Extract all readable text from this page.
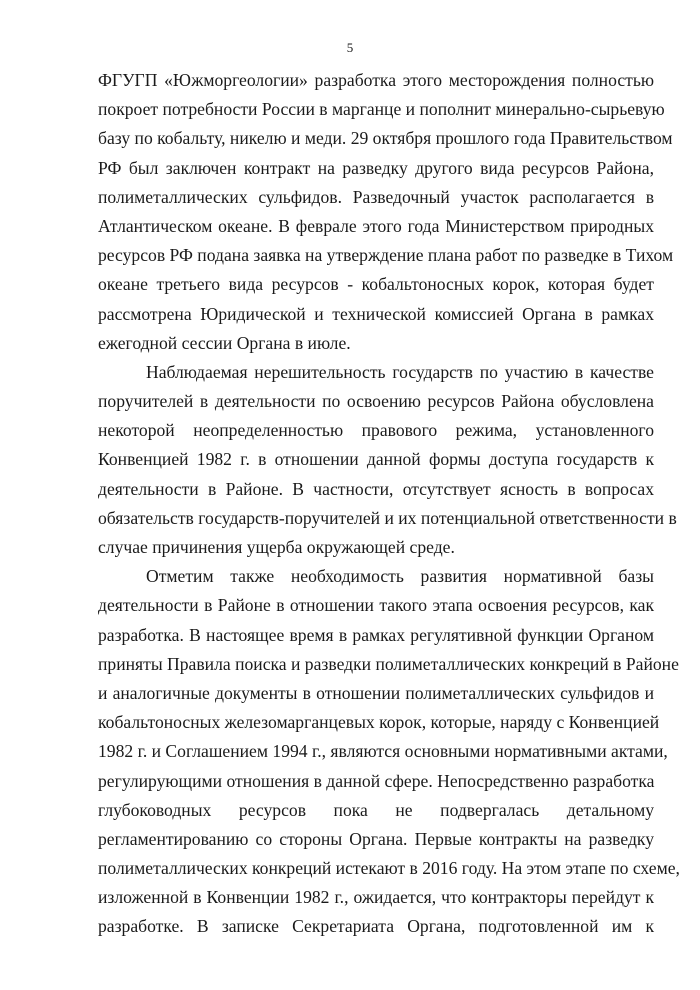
5
ФГУГП «Южморгеологии» разработка этого месторождения полностью
покроет потребности России в марганце и пополнит минерально-сырьевую
базу по кобальту, никелю и меди. 29 октября прошлого года Правительством
РФ был заключен контракт на разведку другого вида ресурсов Района,
полиметаллических сульфидов. Разведочный участок располагается в
Атлантическом океане. В феврале этого года Министерством природных
ресурсов РФ подана заявка на утверждение плана работ по разведке в Тихом
океане третьего вида ресурсов - кобальтоносных корок, которая будет
рассмотрена Юридической и технической комиссией Органа в рамках
ежегодной сессии Органа в июле.
Наблюдаемая нерешительность государств по участию в качестве
поручителей в деятельности по освоению ресурсов Района обусловлена
некоторой неопределенностью правового режима, установленного
Конвенцией 1982 г. в отношении данной формы доступа государств к
деятельности в Районе. В частности, отсутствует ясность в вопросах
обязательств государств-поручителей и их потенциальной ответственности в
случае причинения ущерба окружающей среде.
Отметим также необходимость развития нормативной базы
деятельности в Районе в отношении такого этапа освоения ресурсов, как
разработка. В настоящее время в рамках регулятивной функции Органом
приняты Правила поиска и разведки полиметаллических конкреций в Районе
и аналогичные документы в отношении полиметаллических сульфидов и
кобальтоносных железомарганцевых корок, которые, наряду с Конвенцией
1982 г. и Соглашением 1994 г., являются основными нормативными актами,
регулирующими отношения в данной сфере. Непосредственно разработка
глубоководных ресурсов пока не подвергалась детальному
регламентированию со стороны Органа. Первые контракты на разведку
полиметаллических конкреций истекают в 2016 году. На этом этапе по схеме,
изложенной в Конвенции 1982 г., ожидается, что контракторы перейдут к
разработке. В записке Секретариата Органа, подготовленной им к
